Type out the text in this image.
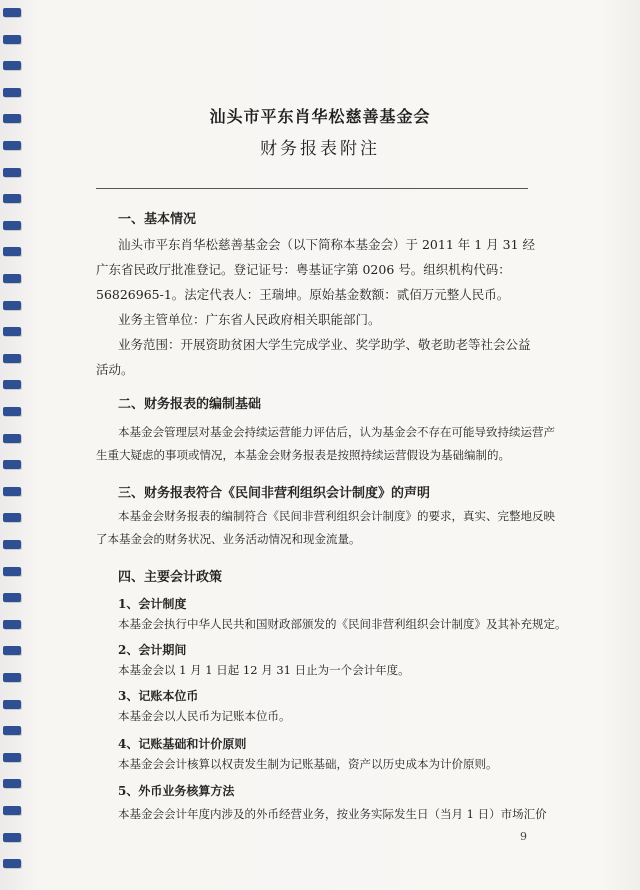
汕头市平东肖华松慈善基金会
财务报表附注
一、基本情况
汕头市平东肖华松慈善基金会（以下简称本基金会）于 2011 年 1 月 31 经
广东省民政厅批准登记。登记证号：粤基证字第 0206 号。组织机构代码：
56826965-1。法定代表人：王瑞坤。原始基金数额：贰佰万元整人民币。
业务主管单位：广东省人民政府相关职能部门。
业务范围：开展资助贫困大学生完成学业、奖学助学、敬老助老等社会公益
活动。
二、财务报表的编制基础
本基金会管理层对基金会持续运营能力评估后，认为基金会不存在可能导致持续运营产
生重大疑虑的事项或情况，本基金会财务报表是按照持续运营假设为基础编制的。
三、财务报表符合《民间非营利组织会计制度》的声明
本基金会财务报表的编制符合《民间非营利组织会计制度》的要求，真实、完整地反映
了本基金会的财务状况、业务活动情况和现金流量。
四、主要会计政策
1、会计制度
本基金会执行中华人民共和国财政部颁发的《民间非营利组织会计制度》及其补充规定。
2、会计期间
本基金会以 1 月 1 日起 12 月 31 日止为一个会计年度。
3、记账本位币
本基金会以人民币为记账本位币。
4、记账基础和计价原则
本基金会会计核算以权责发生制为记账基础，资产以历史成本为计价原则。
5、外币业务核算方法
本基金会会计年度内涉及的外币经营业务，按业务实际发生日（当月 1 日）市场汇价
9
